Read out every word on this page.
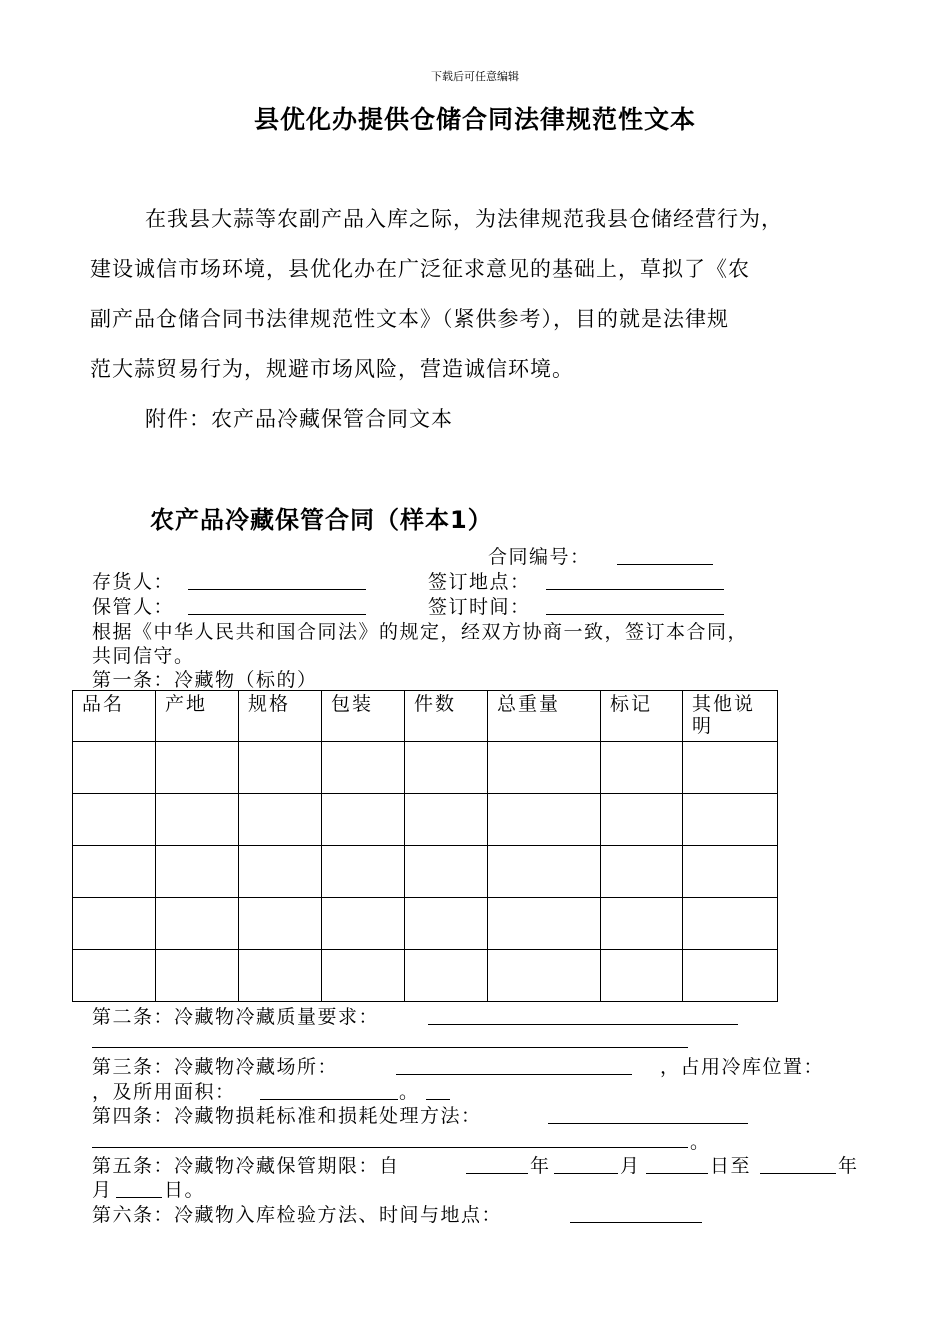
下载后可任意编辑
县优化办提供仓储合同法律规范性文本
在我县大蒜等农副产品入库之际，为法律规范我县仓储经营行为，
建设诚信市场环境，县优化办在广泛征求意见的基础上，草拟了《农
副产品仓储合同书法律规范性文本》（紧供参考），目的就是法律规
范大蒜贸易行为，规避市场风险，营造诚信环境。
附件：农产品冷藏保管合同文本
农产品冷藏保管合同（样本1）
合同编号：
存货人：	签订地点：
保管人：	签订时间：
根据《中华人民共和国合同法》的规定，经双方协商一致，签订本合同，
共同信守。
第一条：冷藏物（标的）
品名	产地	规格	包装	件数	总重量	标记	其他说明

第二条：冷藏物冷藏质量要求：
第三条：冷藏物冷藏场所：	，占用冷库位置：
，及所用面积：	。
第四条：冷藏物损耗标准和损耗处理方法：
。
第五条：冷藏物冷藏保管期限：自	年	月	日至	年
月	日。
第六条：冷藏物入库检验方法、时间与地点：
